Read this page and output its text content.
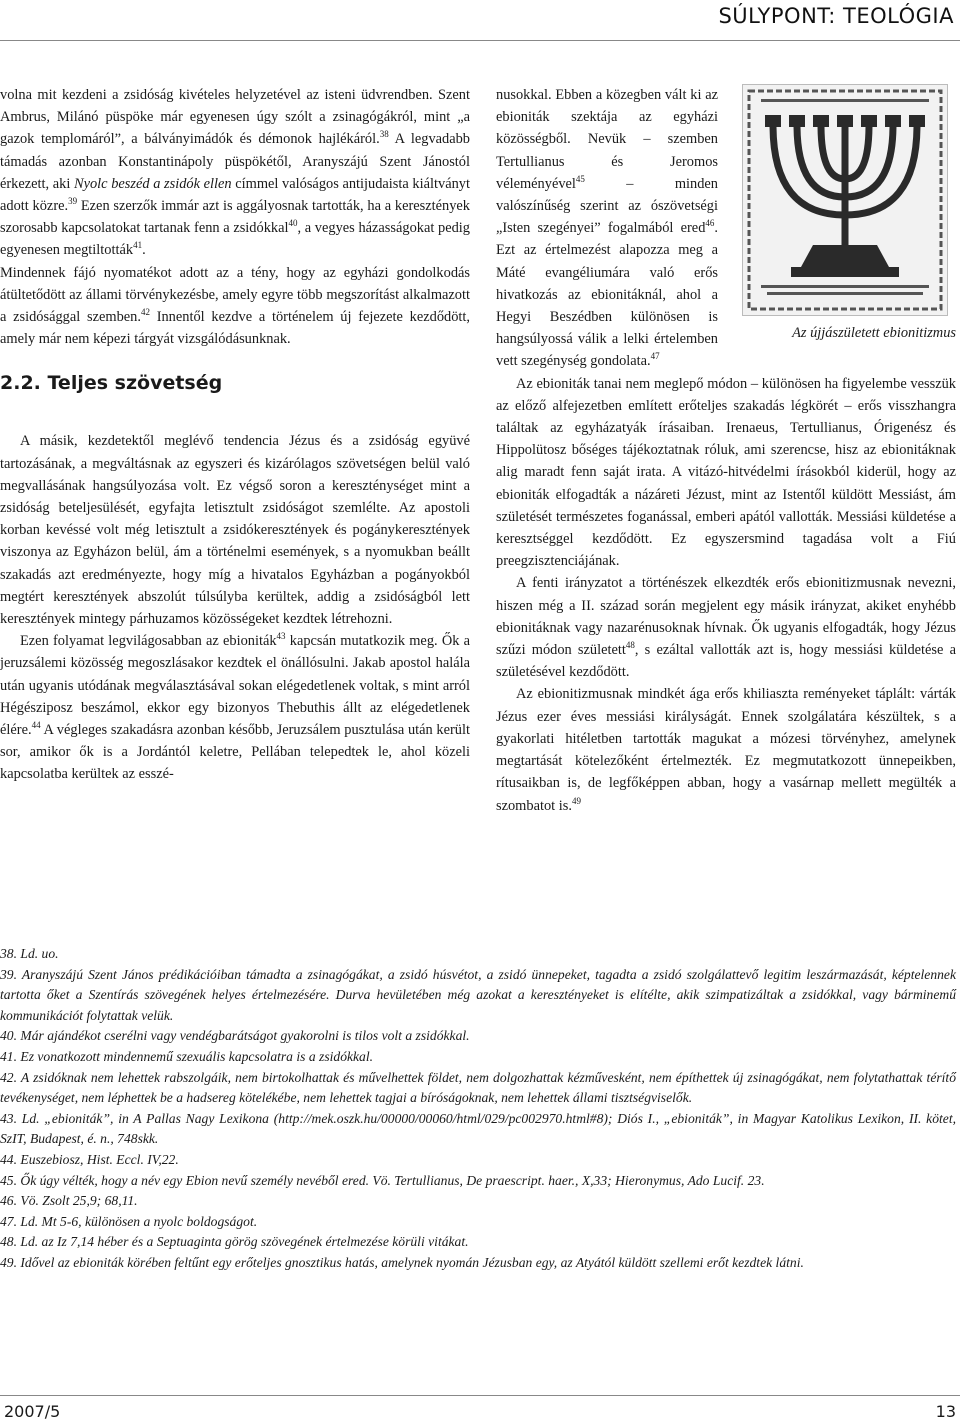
SÚLYPONT: TEOLÓGIA

volna mit kezdeni a zsidóság kivételes helyzetével az isteni üdvrendben. Szent Ambrus, Milánó püspöke már egyenesen úgy szólt a zsinagógákról, mint „a gazok templomáról”, a bálványimádók és démonok hajlékáról.$^{38}$ A legvadabb támadás azonban Konstantinápoly püspökétől, Aranyszájú Szent Jánostól érkezett, aki Nyolc beszéd a zsidók ellen címmel valóságos antijudaista kiáltványt adott közre.$^{39}$ Ezen szerzők immár azt is aggályosnak tartották, ha a keresztények szorosabb kapcsolatokat tartanak fenn a zsidókkal$^{40}$, a vegyes házasságokat pedig egyenesen megtiltották$^{41}$.

Mindennek fájó nyomatékot adott az a tény, hogy az egyházi gondolkodás átültetődött az állami törvénykezésbe, amely egyre több megszorítást alkalmazott a zsidósággal szemben.$^{42}$ Innentől kezdve a történelem új fejezete kezdődött, amely már nem képezi tárgyát vizsgálódásunknak.

2.2. Teljes szövetség

A másik, kezdetektől meglévő tendencia Jézus és a zsidóság együvé tartozásának, a megváltásnak az egyszeri és kizárólagos szövetségen belül való megvallásának hangsúlyozása volt. Ez végső soron a kereszténységet mint a zsidóság beteljesülését, egyfajta letisztult zsidóságot szemlélte. Az apostoli korban kevéssé volt még letisztult a zsidókeresztények és pogánykeresztények viszonya az Egyházon belül, ám a történelmi események, s a nyomukban beállt szakadás azt eredményezte, hogy míg a hivatalos Egyházban a pogányokból megtért keresztények abszolút túlsúlyba kerültek, addig a zsidóságból lett keresztények mintegy párhuzamos közösségeket kezdtek létrehozni.

Ezen folyamat legvilágosabban az ebioniták$^{43}$ kapcsán mutatkozik meg. Ők a jeruzsálemi közösség megoszlásakor kezdtek el önállósulni. Jakab apostol halála után ugyanis utódának megválasztásával sokan elégedetlenek voltak, s mint arról Hégésziposz beszámol, ekkor egy bizonyos Thebuthis állt az elégedetlenek élére.$^{44}$ A végleges szakadásra azonban később, Jeruzsálem pusztulása után került sor, amikor ők is a Jordántól keletre, Pellában telepedtek le, ahol közeli kapcsolatba kerültek az esszé-

Az újjászületett ebionitizmus

nusokkal. Ebben a közegben vált ki az ebioniták szektája az egyházi közösségből. Nevük – szemben Tertullianus és Jeromos véleményével$^{45}$ – minden valószínűség szerint az ószövetségi „Isten szegényei” fogalmából ered$^{46}$. Ezt az értelmezést alapozza meg a Máté evangéliumára való erős hivatkozás az ebionitáknál, ahol a Hegyi Beszédben különösen is hangsúlyossá válik a lelki értelemben vett szegénység gondolata.$^{47}$

Az ebioniták tanai nem meglepő módon – különösen ha figyelembe vesszük az előző alfejezetben említett erőteljes szakadás légkörét – erős visszhangra találtak az egyházatyák írásaiban. Irenaeus, Tertullianus, Órigenész és Hippolütosz bőséges tájékoztatnak róluk, ami szerencse, hisz az ebionitáknak alig maradt fenn saját irata. A vitázó-hitvédelmi írásokból kiderül, hogy az ebioniták elfogadták a názáreti Jézust, mint az Istentől küldött Messiást, ám születését természetes foganással, emberi apától vallották. Messiási küldetése a keresztséggel kezdődött. Ez egyszersmind tagadása volt a Fiú preegzisztenciájának.

A fenti irányzatot a történészek elkezdték erős ebionitizmusnak nevezni, hiszen még a II. század során megjelent egy másik irányzat, akiket enyhébb ebionitáknak vagy nazarénusoknak hívnak. Ők ugyanis elfogadták, hogy Jézus szűzi módon született$^{48}$, s ezáltal vallották azt is, hogy messiási küldetése a születésével kezdődött.

Az ebionitizmusnak mindkét ága erős khiliaszta reményeket táplált: várták Jézus ezer éves messiási királyságát. Ennek szolgálatára készültek, s a gyakorlati hitéletben tartották magukat a mózesi törvényhez, amelynek megtartását kötelezőként értelmezték. Ez megmutatkozott ünnepeikben, rítusaikban is, de legfőképpen abban, hogy a vasárnap mellett megülték a szombatot is.$^{49}$

38. Ld. uo.

39. Aranyszájú Szent János prédikációiban támadta a zsinagógákat, a zsidó húsvétot, a zsidó ünnepeket, tagadta a zsidó szolgálattevő legitim leszármazását, képtelennek tartotta őket a Szentírás szövegének helyes értelmezésére. Durva hevületében még azokat a keresztényeket is elítélte, akik szimpatizáltak a zsidókkal, vagy bárminemű kommunikációt folytattak velük.

40. Már ajándékot cserélni vagy vendégbarátságot gyakorolni is tilos volt a zsidókkal.

41. Ez vonatkozott mindennemű szexuális kapcsolatra is a zsidókkal.

42. A zsidóknak nem lehettek rabszolgáik, nem birtokolhattak és művelhettek földet, nem dolgozhattak kézművesként, nem építhettek új zsinagógákat, nem folytathattak térítő tevékenységet, nem léphettek be a hadsereg kötelékébe, nem lehettek tagjai a bíróságoknak, nem lehettek állami tisztségviselők.

43. Ld. „ebioniták”, in A Pallas Nagy Lexikona (http://mek.oszk.hu/00000/00060/html/029/pc002970.html#8); Diós I., „ebioniták”, in Magyar Katolikus Lexikon, II. kötet, SzIT, Budapest, é. n., 748skk.

44. Euszebiosz, Hist. Eccl. IV,22.

45. Ők úgy vélték, hogy a név egy Ebion nevű személy nevéből ered. Vö. Tertullianus, De praescript. haer., X,33; Hieronymus, Ado Lucif. 23.

46. Vö. Zsolt 25,9; 68,11.

47. Ld. Mt 5-6, különösen a nyolc boldogságot.

48. Ld. az Iz 7,14 héber és a Septuaginta görög szövegének értelmezése körüli vitákat.

49. Idővel az ebioniták körében feltűnt egy erőteljes gnosztikus hatás, amelynek nyomán Jézusban egy, az Atyától küldött szellemi erőt kezdtek látni.

2007/5	13
